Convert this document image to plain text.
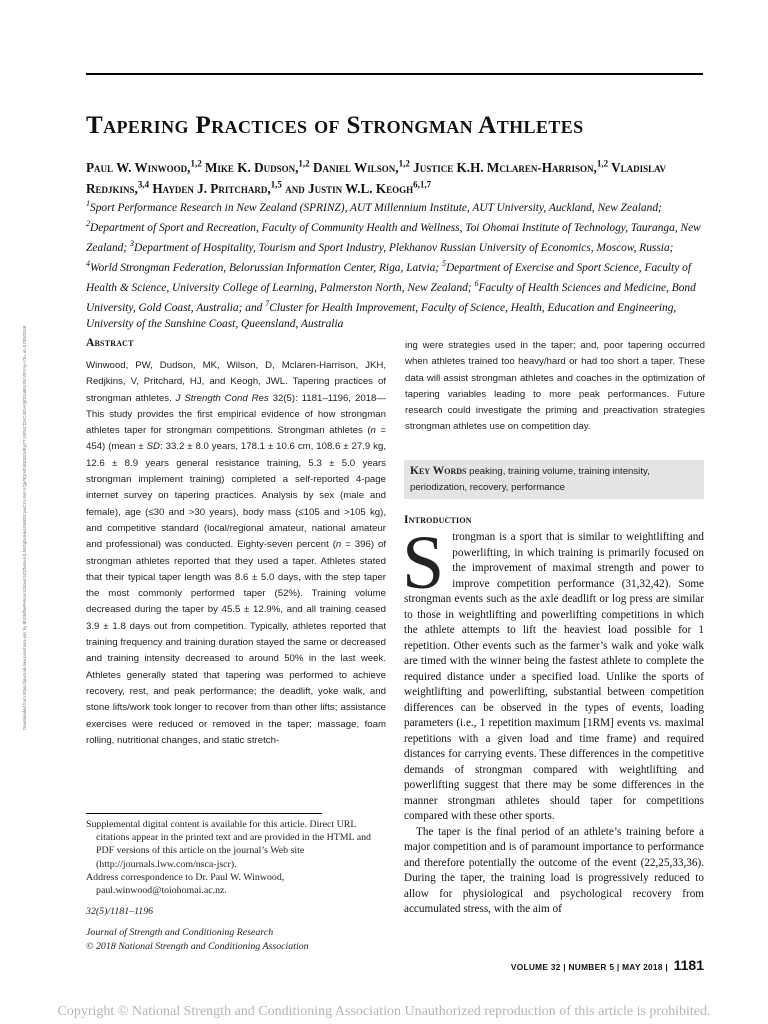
Tapering Practices of Strongman Athletes
Paul W. Winwood,$^{1,2}$ Mike K. Dudson,$^{1,2}$ Daniel Wilson,$^{1,2}$ Justice K.H. Mclaren-Harrison,$^{1,2}$ Vladislav Redjkins,$^{3,4}$ Hayden J. Pritchard,$^{1,5}$ and Justin W.L. Keogh$^{6,1,7}$
$^1$Sport Performance Research in New Zealand (SPRINZ), AUT Millennium Institute, AUT University, Auckland, New Zealand; $^2$Department of Sport and Recreation, Faculty of Community Health and Wellness, Toi Ohomai Institute of Technology, Tauranga, New Zealand; $^3$Department of Hospitality, Tourism and Sport Industry, Plekhanov Russian University of Economics, Moscow, Russia; $^4$World Strongman Federation, Belorussian Information Center, Riga, Latvia; $^5$Department of Exercise and Sport Science, Faculty of Health & Science, University College of Learning, Palmerston North, New Zealand; $^6$Faculty of Health Sciences and Medicine, Bond University, Gold Coast, Australia; and $^7$Cluster for Health Improvement, Faculty of Science, Health, Education and Engineering, University of the Sunshine Coast, Queensland, Australia
Downloaded from https://journals.lww.com/nsca-jscr by BhDMf5ePHKav1zEoum1tQfN4a+kJLhEZgbsIHo4XMi0hCywCX1AWnYQp/IlQrHD3i3D0OdRyi7TvSFl4Cf3VC4/OAVpDDa8KKGKV0Ymy+78= on 07/03/2018	Abstract
Winwood, PW, Dudson, MK, Wilson, D, Mclaren-Harrison, JKH, Redjkins, V, Pritchard, HJ, and Keogh, JWL. Tapering practices of strongman athletes. J Strength Cond Res 32(5): 1181–1196, 2018—This study provides the first empirical evidence of how strongman athletes taper for strongman competitions. Strongman athletes (n = 454) (mean ± SD: 33.2 ± 8.0 years, 178.1 ± 10.6 cm, 108.6 ± 27.9 kg, 12.6 ± 8.9 years general resistance training, 5.3 ± 5.0 years strongman implement training) completed a self-reported 4-page internet survey on tapering practices. Analysis by sex (male and female), age (≤30 and >30 years), body mass (≤105 and >105 kg), and competitive standard (local/regional amateur, national amateur and professional) was conducted. Eighty-seven percent (n = 396) of strongman athletes reported that they used a taper. Athletes stated that their typical taper length was 8.6 ± 5.0 days, with the step taper the most commonly performed taper (52%). Training volume decreased during the taper by 45.5 ± 12.9%, and all training ceased 3.9 ± 1.8 days out from competition. Typically, athletes reported that training frequency and training duration stayed the same or decreased and training intensity decreased to around 50% in the last week. Athletes generally stated that tapering was performed to achieve recovery, rest, and peak performance; the deadlift, yoke walk, and stone lifts/work took longer to recover from than other lifts; assistance exercises were reduced or removed in the taper; massage, foam rolling, nutritional changes, and static stretch-
ing were strategies used in the taper; and, poor tapering occurred when athletes trained too heavy/hard or had too short a taper. These data will assist strongman athletes and coaches in the optimization of tapering variables leading to more peak performances. Future research could investigate the priming and preactivation strategies strongman athletes use on competition day.
Key Words peaking, training volume, training intensity, periodization, recovery, performance
Introduction

Strongman is a sport that is similar to weightlifting and powerlifting, in which training is primarily focused on the improvement of maximal strength and power to improve competition performance (31,32,42). Some strongman events such as the axle deadlift or log press are similar to those in weightlifting and powerlifting competitions in which the athlete attempts to lift the heaviest load possible for 1 repetition. Other events such as the farmer’s walk and yoke walk are timed with the winner being the fastest athlete to complete the required distance under a specified load. Unlike the sports of weightlifting and powerlifting, substantial between competition differences can be observed in the types of events, loading parameters (i.e., 1 repetition maximum [1RM] events vs. maximal repetitions with a given load and time frame) and required distances for carrying events. These differences in the competitive demands of strongman compared with weightlifting and powerlifting suggest that there may be some differences in the manner strongman athletes should taper for competitions compared with these other sports.

The taper is the final period of an athlete’s training before a major competition and is of paramount importance to performance and therefore potentially the outcome of the event (22,25,33,36). During the taper, the training load is progressively reduced to allow for physiological and psychological recovery from accumulated stress, with the aim of

Supplemental digital content is available for this article. Direct URL citations appear in the printed text and are provided in the HTML and PDF versions of this article on the journal’s Web site (http://journals.lww.com/nsca-jscr).
Address correspondence to Dr. Paul W. Winwood, paul.winwood@toiohomai.ac.nz.
32(5)/1181–1196
Journal of Strength and Conditioning Research
© 2018 National Strength and Conditioning Association
VOLUME 32 | NUMBER 5 | MAY 2018 | 1181
Copyright © National Strength and Conditioning Association Unauthorized reproduction of this article is prohibited.
